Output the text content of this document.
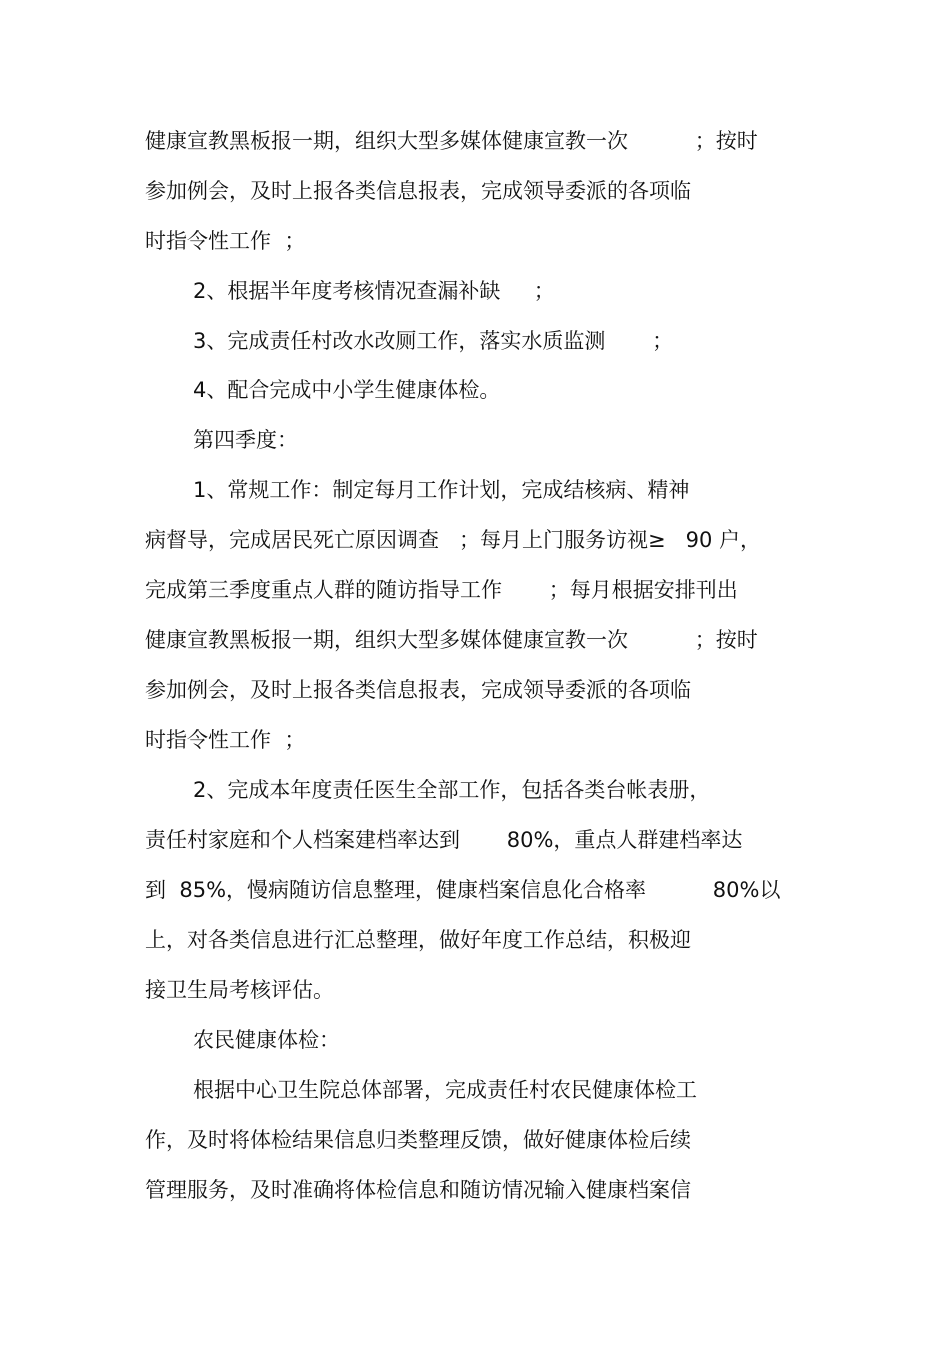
健康宣教黑板报一期，组织大型多媒体健康宣教一次          ；按时
参加例会，及时上报各类信息报表，完成领导委派的各项临
时指令性工作  ；
2、根据半年度考核情况查漏补缺     ；
3、完成责任村改水改厕工作，落实水质监测       ；
4、配合完成中小学生健康体检。
第四季度：
1、常规工作：制定每月工作计划，完成结核病、精神
病督导，完成居民死亡原因调查   ；每月上门服务访视≥   90 户，
完成第三季度重点人群的随访指导工作       ；每月根据安排刊出
健康宣教黑板报一期，组织大型多媒体健康宣教一次          ；按时
参加例会，及时上报各类信息报表，完成领导委派的各项临
时指令性工作  ；
2、完成本年度责任医生全部工作，包括各类台帐表册，
责任村家庭和个人档案建档率达到       80%，重点人群建档率达
到  85%，慢病随访信息整理，健康档案信息化合格率          80%以
上，对各类信息进行汇总整理，做好年度工作总结，积极迎
接卫生局考核评估。
农民健康体检：
根据中心卫生院总体部署，完成责任村农民健康体检工
作，及时将体检结果信息归类整理反馈，做好健康体检后续
管理服务，及时准确将体检信息和随访情况输入健康档案信
